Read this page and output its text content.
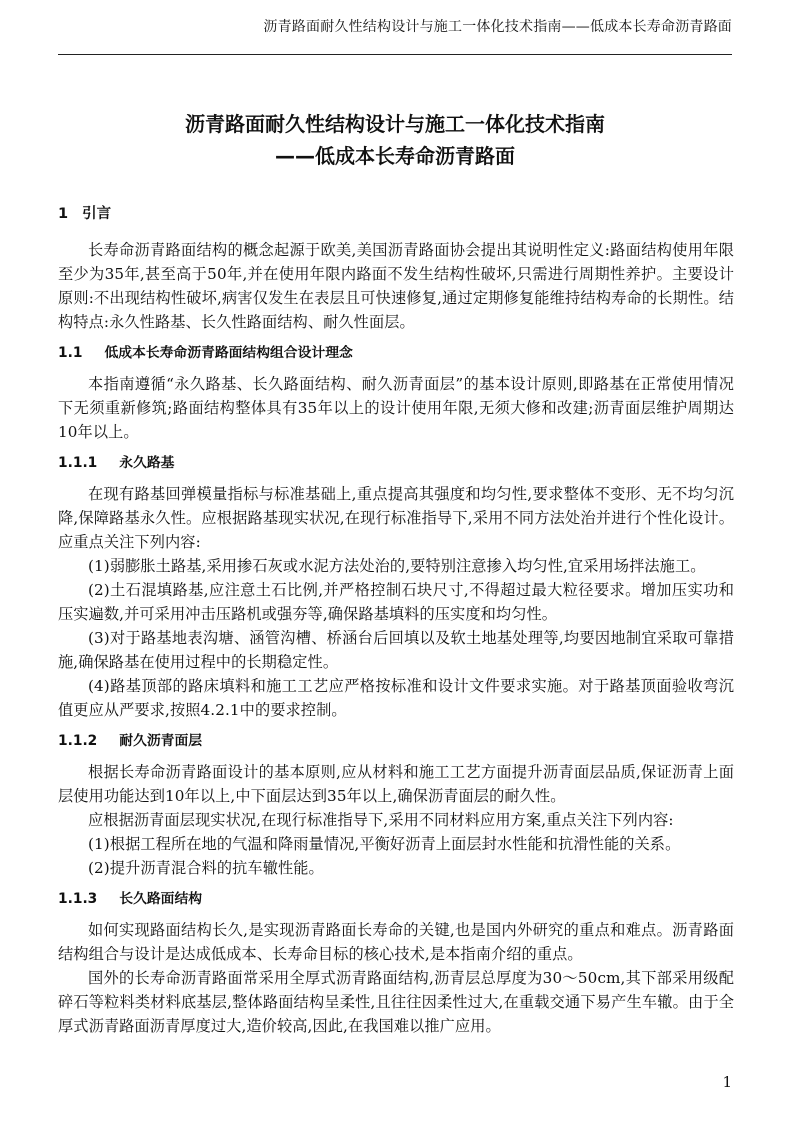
沥青路面耐久性结构设计与施工一体化技术指南——低成本长寿命沥青路面
沥青路面耐久性结构设计与施工一体化技术指南
——低成本长寿命沥青路面
1 引言

长寿命沥青路面结构的概念起源于欧美,美国沥青路面协会提出其说明性定义:路面结构使用年限至少为35年,甚至高于50年,并在使用年限内路面不发生结构性破坏,只需进行周期性养护。主要设计原则:不出现结构性破坏,病害仅发生在表层且可快速修复,通过定期修复能维持结构寿命的长期性。结构特点:永久性路基、长久性路面结构、耐久性面层。

1.1 低成本长寿命沥青路面结构组合设计理念

本指南遵循“永久路基、长久路面结构、耐久沥青面层”的基本设计原则,即路基在正常使用情况下无须重新修筑;路面结构整体具有35年以上的设计使用年限,无须大修和改建;沥青面层维护周期达10年以上。

1.1.1 永久路基

在现有路基回弹模量指标与标准基础上,重点提高其强度和均匀性,要求整体不变形、无不均匀沉降,保障路基永久性。应根据路基现实状况,在现行标准指导下,采用不同方法处治并进行个性化设计。应重点关注下列内容:

(1)弱膨胀土路基,采用掺石灰或水泥方法处治的,要特别注意掺入均匀性,宜采用场拌法施工。

(2)土石混填路基,应注意土石比例,并严格控制石块尺寸,不得超过最大粒径要求。增加压实功和压实遍数,并可采用冲击压路机或强夯等,确保路基填料的压实度和均匀性。

(3)对于路基地表沟塘、涵管沟槽、桥涵台后回填以及软土地基处理等,均要因地制宜采取可靠措施,确保路基在使用过程中的长期稳定性。

(4)路基顶部的路床填料和施工工艺应严格按标准和设计文件要求实施。对于路基顶面验收弯沉值更应从严要求,按照4.2.1中的要求控制。

1.1.2 耐久沥青面层

根据长寿命沥青路面设计的基本原则,应从材料和施工工艺方面提升沥青面层品质,保证沥青上面层使用功能达到10年以上,中下面层达到35年以上,确保沥青面层的耐久性。

应根据沥青面层现实状况,在现行标准指导下,采用不同材料应用方案,重点关注下列内容:

(1)根据工程所在地的气温和降雨量情况,平衡好沥青上面层封水性能和抗滑性能的关系。

(2)提升沥青混合料的抗车辙性能。

1.1.3 长久路面结构

如何实现路面结构长久,是实现沥青路面长寿命的关键,也是国内外研究的重点和难点。沥青路面结构组合与设计是达成低成本、长寿命目标的核心技术,是本指南介绍的重点。

国外的长寿命沥青路面常采用全厚式沥青路面结构,沥青层总厚度为30～50cm,其下部采用级配碎石等粒料类材料底基层,整体路面结构呈柔性,且往往因柔性过大,在重载交通下易产生车辙。由于全厚式沥青路面沥青厚度过大,造价较高,因此,在我国难以推广应用。

1
